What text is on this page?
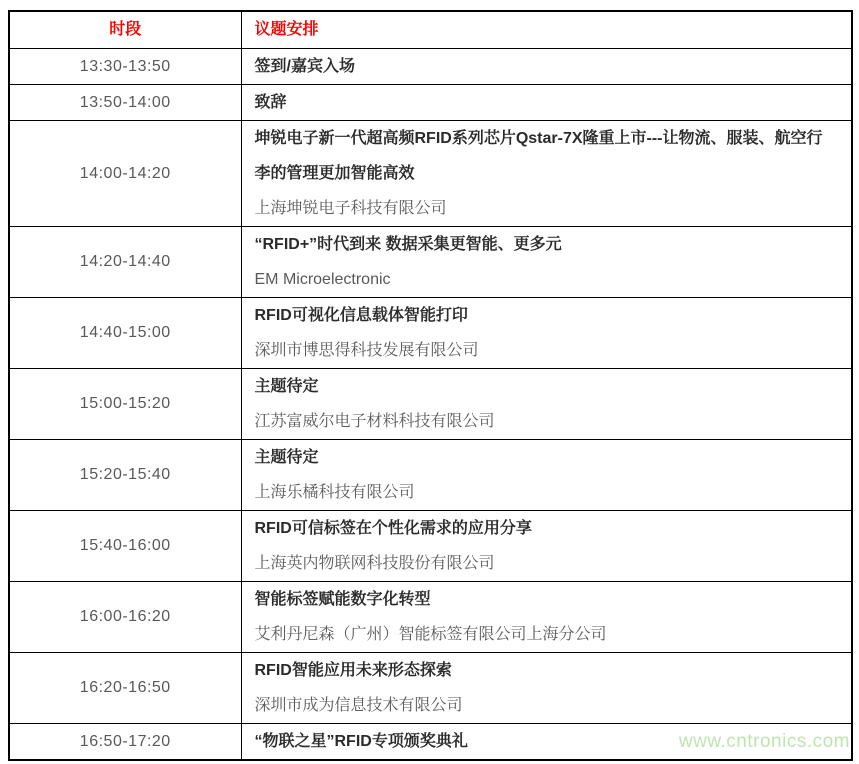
时段	议题安排
13:30-13:50	签到/嘉宾入场

13:50-14:00	致辞

14:00-14:20	坤锐电子新一代超高频RFID系列芯片Qstar-7X隆重上市---让物流、服装、航空行李的管理更加智能高效
上海坤锐电子科技有限公司

14:20-14:40	“RFID+”时代到来 数据采集更智能、更多元
EM Microelectronic

14:40-15:00	RFID可视化信息载体智能打印
深圳市博思得科技发展有限公司

15:00-15:20	主题待定
江苏富威尔电子材料科技有限公司

15:20-15:40	主题待定
上海乐橘科技有限公司

15:40-16:00	RFID可信标签在个性化需求的应用分享
上海英内物联网科技股份有限公司

16:00-16:20	智能标签赋能数字化转型
艾利丹尼森（广州）智能标签有限公司上海分公司

16:20-16:50	RFID智能应用未来形态探索
深圳市成为信息技术有限公司

16:50-17:20	“物联之星”RFID专项颁奖典礼	www.cntronics.com
